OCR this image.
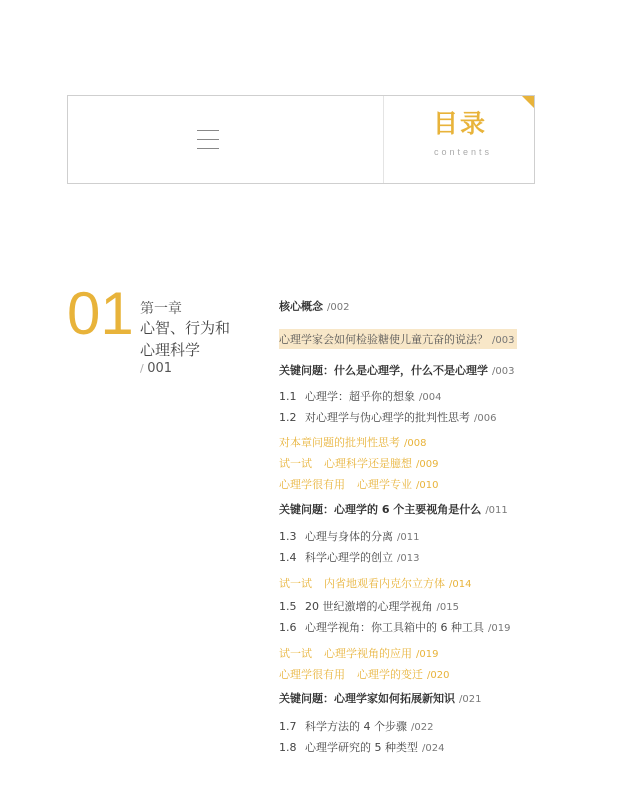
目录
contents
01 第一章
心智、行为和
心理科学
/ 001
核心概念 /002
心理学家会如何检验糖使儿童亢奋的说法？ /003
关键问题：什么是心理学，什么不是心理学 /003
1.1 心理学：超乎你的想象 /004
1.2 对心理学与伪心理学的批判性思考 /006
对本章问题的批判性思考 /008
试一试 心理科学还是臆想 /009
心理学很有用 心理学专业 /010
关键问题：心理学的 6 个主要视角是什么 /011
1.3 心理与身体的分离 /011
1.4 科学心理学的创立 /013
试一试 内省地观看内克尔立方体 /014
1.5 20 世纪激增的心理学视角 /015
1.6 心理学视角：你工具箱中的 6 种工具 /019
试一试 心理学视角的应用 /019
心理学很有用 心理学的变迁 /020
关键问题：心理学家如何拓展新知识 /021
1.7 科学方法的 4 个步骤 /022
1.8 心理学研究的 5 种类型 /024
